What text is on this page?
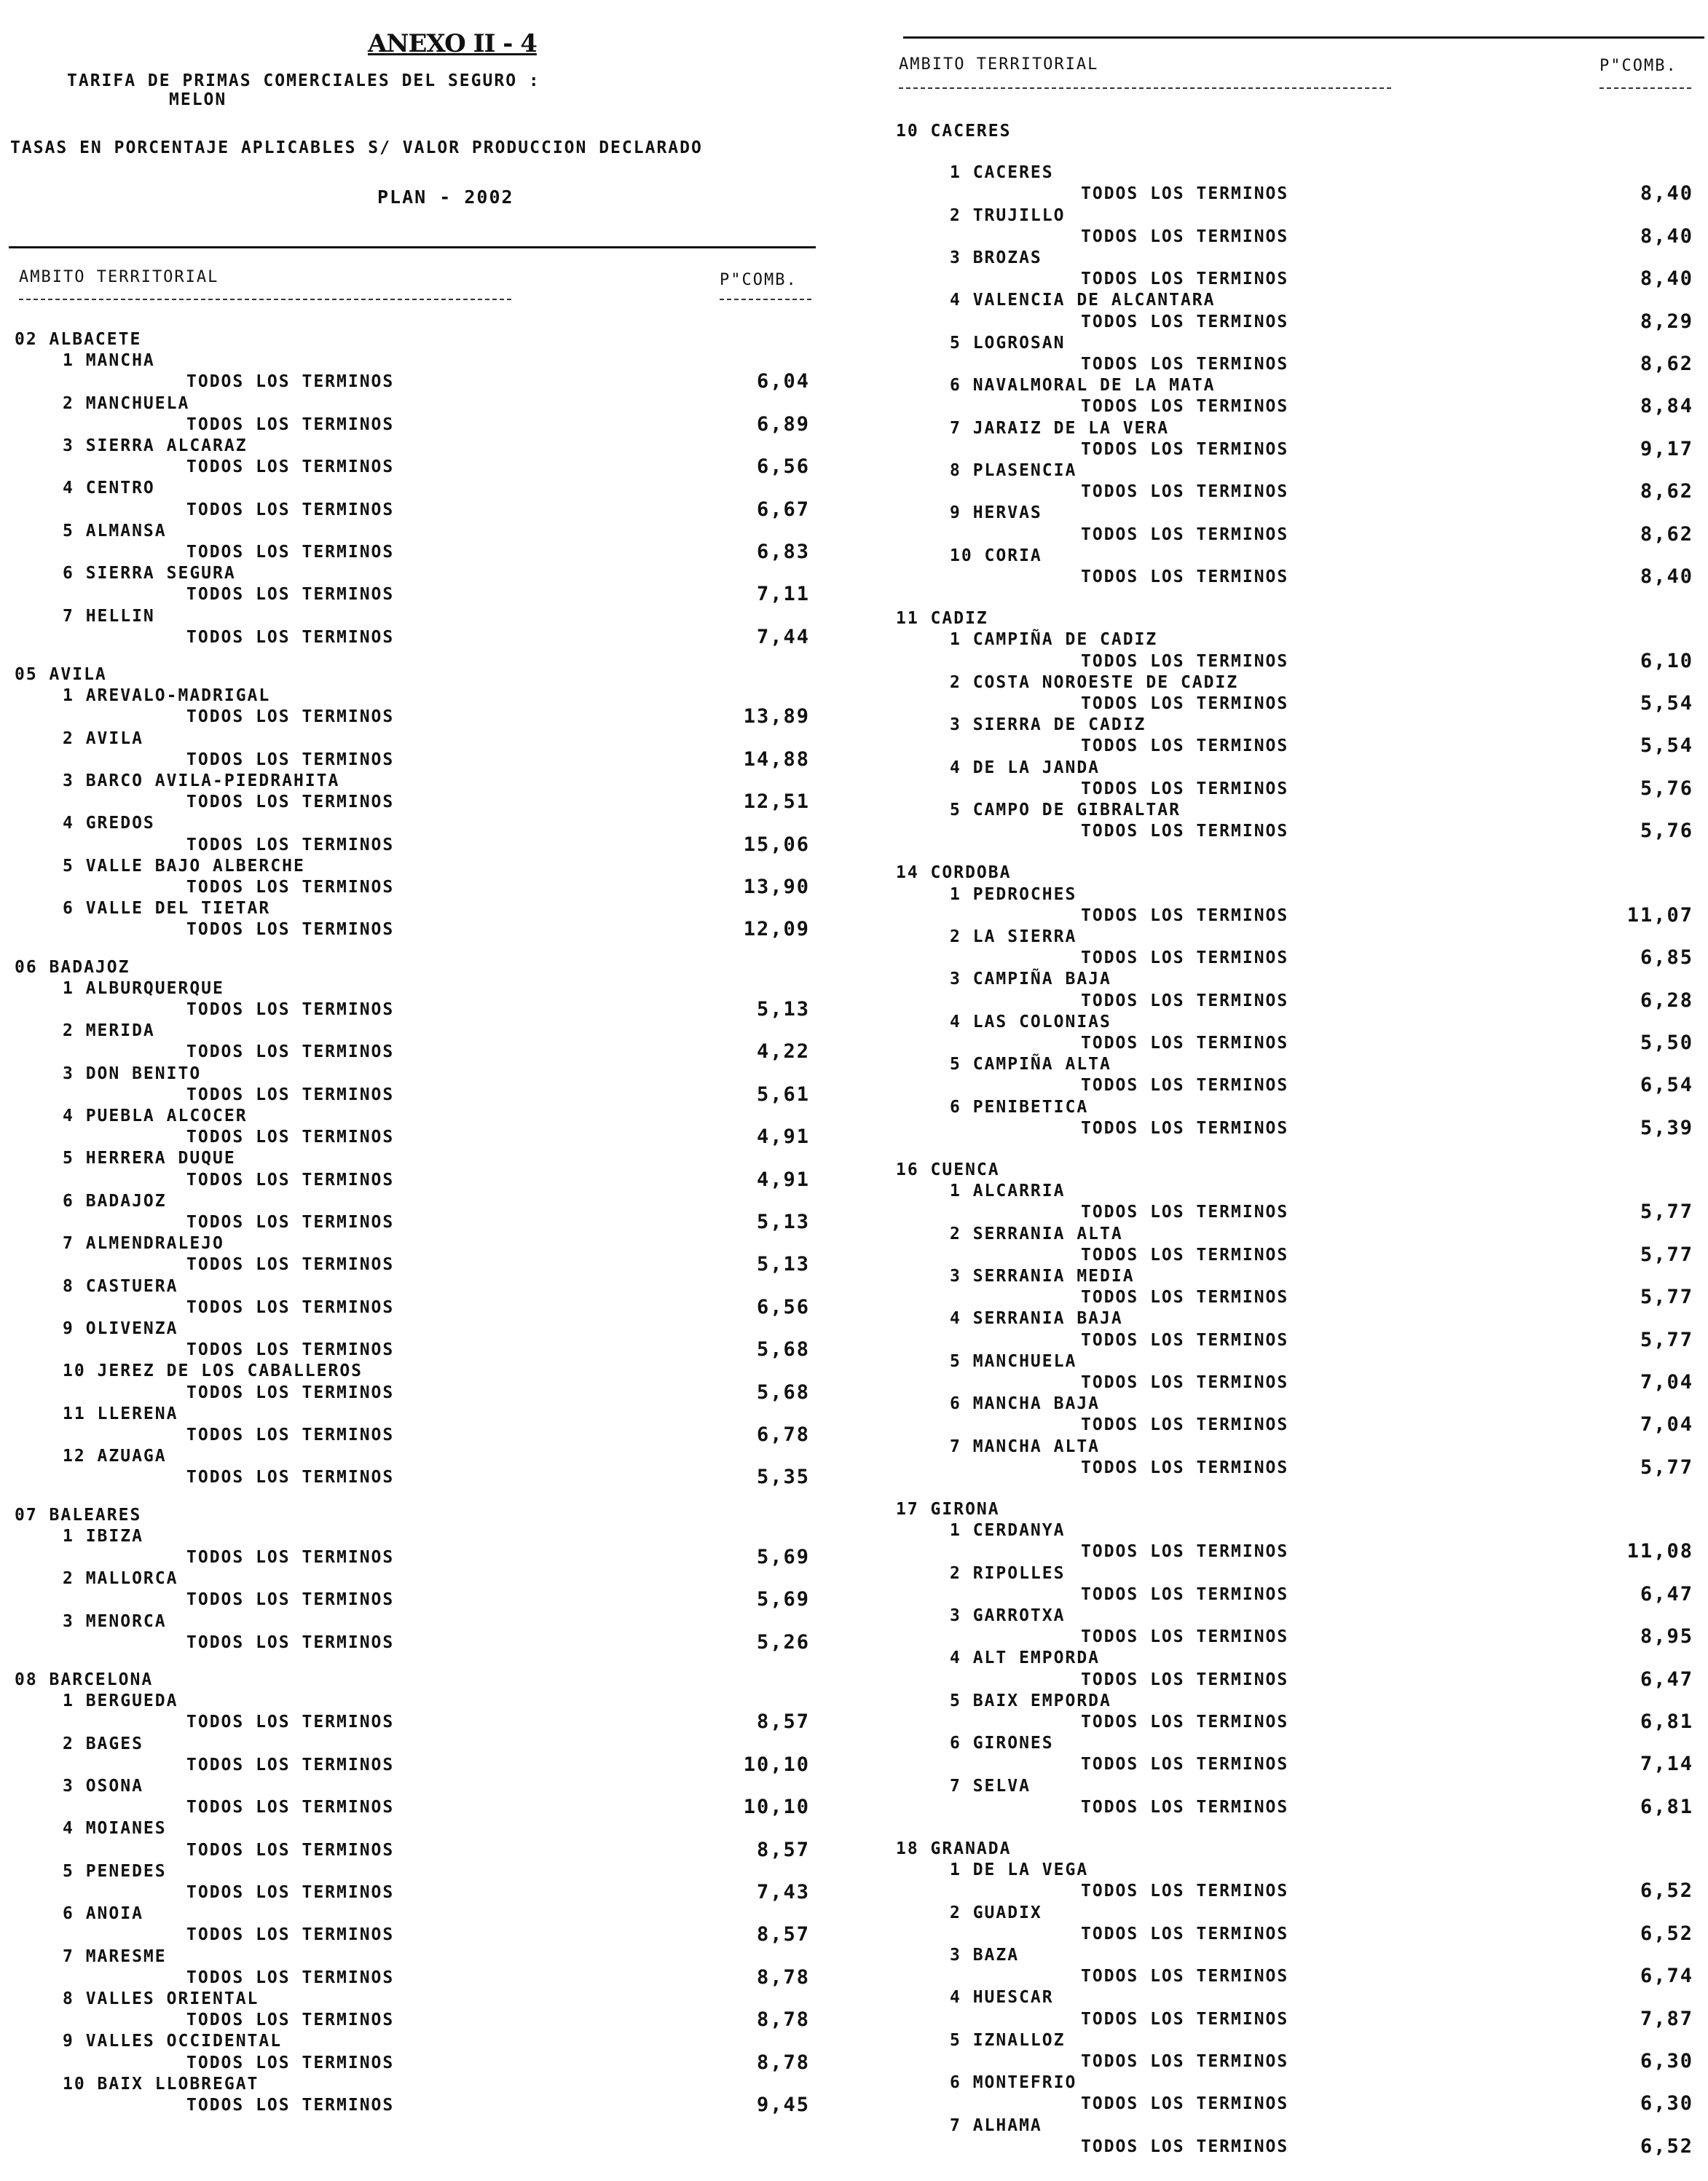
ANEXO II - 4
TARIFA DE PRIMAS COMERCIALES DEL SEGURO :
MELON
TASAS EN PORCENTAJE APLICABLES S/ VALOR PRODUCCION DECLARADO
PLAN - 2002
AMBITO TERRITORIAL	P"COMB.
02 ALBACETE
1 MANCHA
TODOS LOS TERMINOS	6,04
2 MANCHUELA
TODOS LOS TERMINOS	6,89
3 SIERRA ALCARAZ
TODOS LOS TERMINOS	6,56
4 CENTRO
TODOS LOS TERMINOS	6,67
5 ALMANSA
TODOS LOS TERMINOS	6,83
6 SIERRA SEGURA
TODOS LOS TERMINOS	7,11
7 HELLIN
TODOS LOS TERMINOS	7,44
05 AVILA
1 AREVALO-MADRIGAL
TODOS LOS TERMINOS	13,89
2 AVILA
TODOS LOS TERMINOS	14,88
3 BARCO AVILA-PIEDRAHITA
TODOS LOS TERMINOS	12,51
4 GREDOS
TODOS LOS TERMINOS	15,06
5 VALLE BAJO ALBERCHE
TODOS LOS TERMINOS	13,90
6 VALLE DEL TIETAR
TODOS LOS TERMINOS	12,09
06 BADAJOZ
1 ALBURQUERQUE
TODOS LOS TERMINOS	5,13
2 MERIDA
TODOS LOS TERMINOS	4,22
3 DON BENITO
TODOS LOS TERMINOS	5,61
4 PUEBLA ALCOCER
TODOS LOS TERMINOS	4,91
5 HERRERA DUQUE
TODOS LOS TERMINOS	4,91
6 BADAJOZ
TODOS LOS TERMINOS	5,13
7 ALMENDRALEJO
TODOS LOS TERMINOS	5,13
8 CASTUERA
TODOS LOS TERMINOS	6,56
9 OLIVENZA
TODOS LOS TERMINOS	5,68
10 JEREZ DE LOS CABALLEROS
TODOS LOS TERMINOS	5,68
11 LLERENA
TODOS LOS TERMINOS	6,78
12 AZUAGA
TODOS LOS TERMINOS	5,35
07 BALEARES
1 IBIZA
TODOS LOS TERMINOS	5,69
2 MALLORCA
TODOS LOS TERMINOS	5,69
3 MENORCA
TODOS LOS TERMINOS	5,26
08 BARCELONA
1 BERGUEDA
TODOS LOS TERMINOS	8,57
2 BAGES
TODOS LOS TERMINOS	10,10
3 OSONA
TODOS LOS TERMINOS	10,10
4 MOIANES
TODOS LOS TERMINOS	8,57
5 PENEDES
TODOS LOS TERMINOS	7,43
6 ANOIA
TODOS LOS TERMINOS	8,57
7 MARESME
TODOS LOS TERMINOS	8,78
8 VALLES ORIENTAL
TODOS LOS TERMINOS	8,78
9 VALLES OCCIDENTAL
TODOS LOS TERMINOS	8,78
10 BAIX LLOBREGAT
TODOS LOS TERMINOS	9,45
AMBITO TERRITORIAL	P"COMB.
10 CACERES
1 CACERES
TODOS LOS TERMINOS	8,40
2 TRUJILLO
TODOS LOS TERMINOS	8,40
3 BROZAS
TODOS LOS TERMINOS	8,40
4 VALENCIA DE ALCANTARA
TODOS LOS TERMINOS	8,29
5 LOGROSAN
TODOS LOS TERMINOS	8,62
6 NAVALMORAL DE LA MATA
TODOS LOS TERMINOS	8,84
7 JARAIZ DE LA VERA
TODOS LOS TERMINOS	9,17
8 PLASENCIA
TODOS LOS TERMINOS	8,62
9 HERVAS
TODOS LOS TERMINOS	8,62
10 CORIA
TODOS LOS TERMINOS	8,40
11 CADIZ
1 CAMPIÑA DE CADIZ
TODOS LOS TERMINOS	6,10
2 COSTA NOROESTE DE CADIZ
TODOS LOS TERMINOS	5,54
3 SIERRA DE CADIZ
TODOS LOS TERMINOS	5,54
4 DE LA JANDA
TODOS LOS TERMINOS	5,76
5 CAMPO DE GIBRALTAR
TODOS LOS TERMINOS	5,76
14 CORDOBA
1 PEDROCHES
TODOS LOS TERMINOS	11,07
2 LA SIERRA
TODOS LOS TERMINOS	6,85
3 CAMPIÑA BAJA
TODOS LOS TERMINOS	6,28
4 LAS COLONIAS
TODOS LOS TERMINOS	5,50
5 CAMPIÑA ALTA
TODOS LOS TERMINOS	6,54
6 PENIBETICA
TODOS LOS TERMINOS	5,39
16 CUENCA
1 ALCARRIA
TODOS LOS TERMINOS	5,77
2 SERRANIA ALTA
TODOS LOS TERMINOS	5,77
3 SERRANIA MEDIA
TODOS LOS TERMINOS	5,77
4 SERRANIA BAJA
TODOS LOS TERMINOS	5,77
5 MANCHUELA
TODOS LOS TERMINOS	7,04
6 MANCHA BAJA
TODOS LOS TERMINOS	7,04
7 MANCHA ALTA
TODOS LOS TERMINOS	5,77
17 GIRONA
1 CERDANYA
TODOS LOS TERMINOS	11,08
2 RIPOLLES
TODOS LOS TERMINOS	6,47
3 GARROTXA
TODOS LOS TERMINOS	8,95
4 ALT EMPORDA
TODOS LOS TERMINOS	6,47
5 BAIX EMPORDA
TODOS LOS TERMINOS	6,81
6 GIRONES
TODOS LOS TERMINOS	7,14
7 SELVA
TODOS LOS TERMINOS	6,81
18 GRANADA
1 DE LA VEGA
TODOS LOS TERMINOS	6,52
2 GUADIX
TODOS LOS TERMINOS	6,52
3 BAZA
TODOS LOS TERMINOS	6,74
4 HUESCAR
TODOS LOS TERMINOS	7,87
5 IZNALLOZ
TODOS LOS TERMINOS	6,30
6 MONTEFRIO
TODOS LOS TERMINOS	6,30
7 ALHAMA
TODOS LOS TERMINOS	6,52
